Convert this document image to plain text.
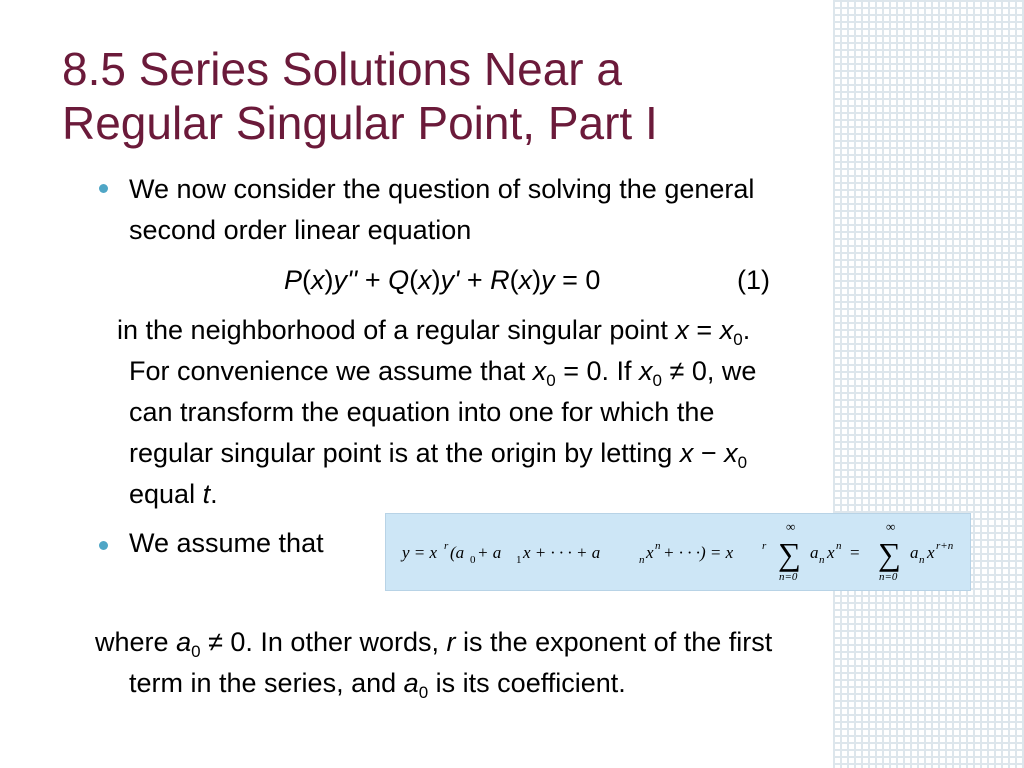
8.5 Series Solutions Near a
Regular Singular Point, Part I
We now consider the question of solving the general
second order linear equation
P(x)y'' + Q(x)y' + R(x)y = 0	(1)
in the neighborhood of a regular singular point $x = x_0$.
For convenience we assume that $x_0 = 0$. If $x_0 \ne 0$, we
can transform the equation into one for which the
regular singular point is at the origin by letting $x - x_0$
equal t.
We assume that
where $a_0 \ne 0$. In other words, r is the exponent of the first
term in the series, and $a_0$ is its coefficient.
y = x r (a 0 + a 1 x + · · · + a	n x n + · · ·) = x	r
∞
∑
n=0
a n x n =
∞
∑
n=0
a n x r+n
